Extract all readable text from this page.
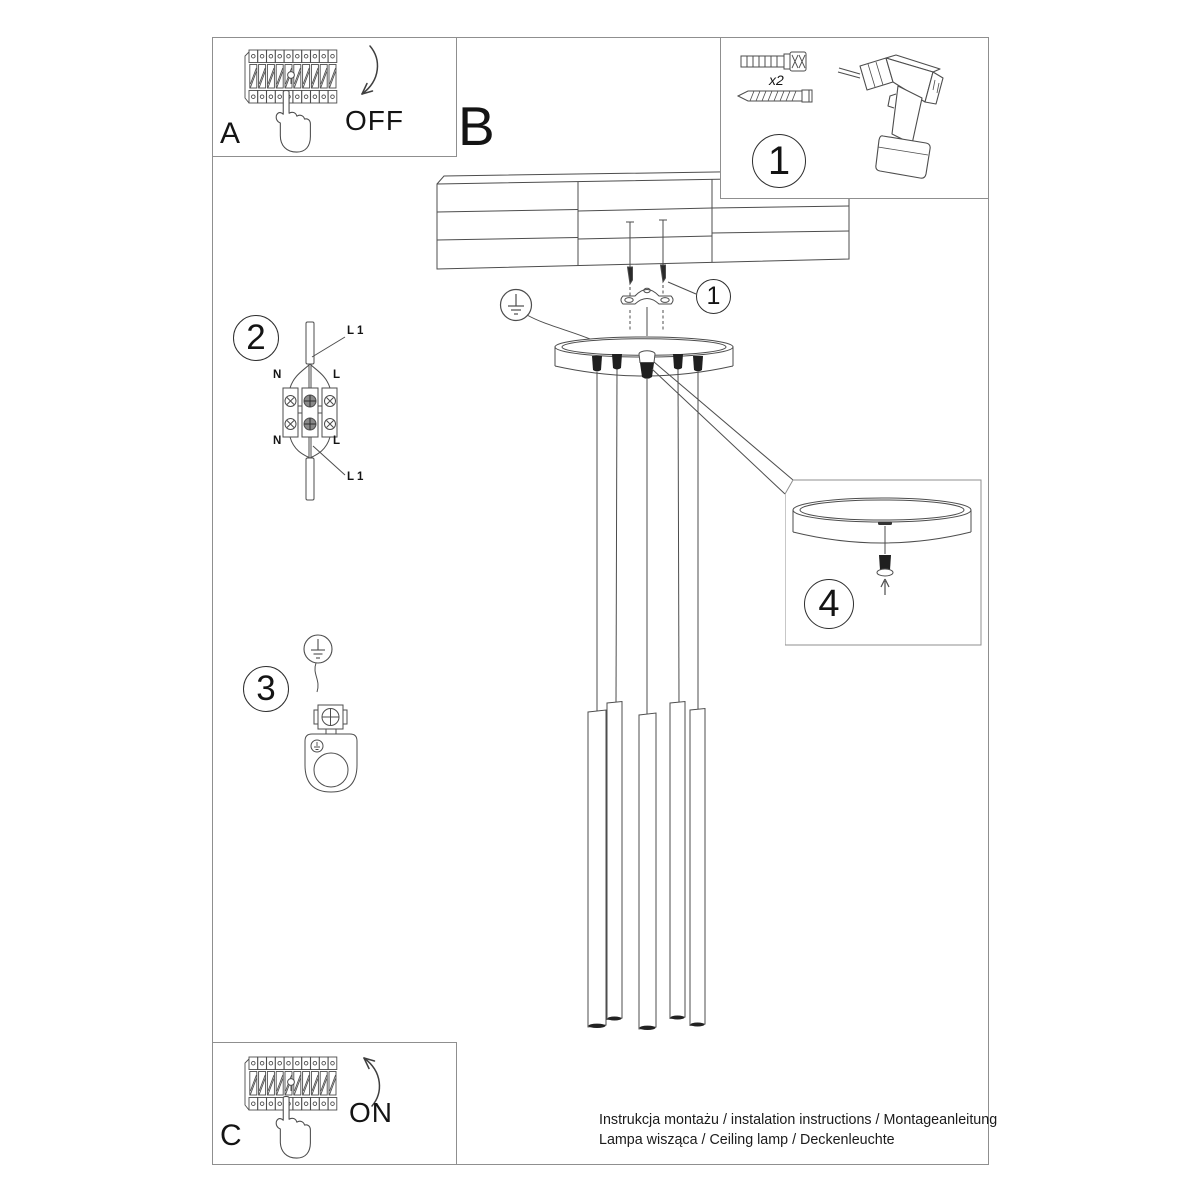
1
OFF
A	B
x2
1
2	L 1
N	L
N	L
L 1
3
4
ON
C	Instrukcja montażu / instalation instructions / Montageanleitung
Lampa wisząca / Ceiling lamp / Deckenleuchte
